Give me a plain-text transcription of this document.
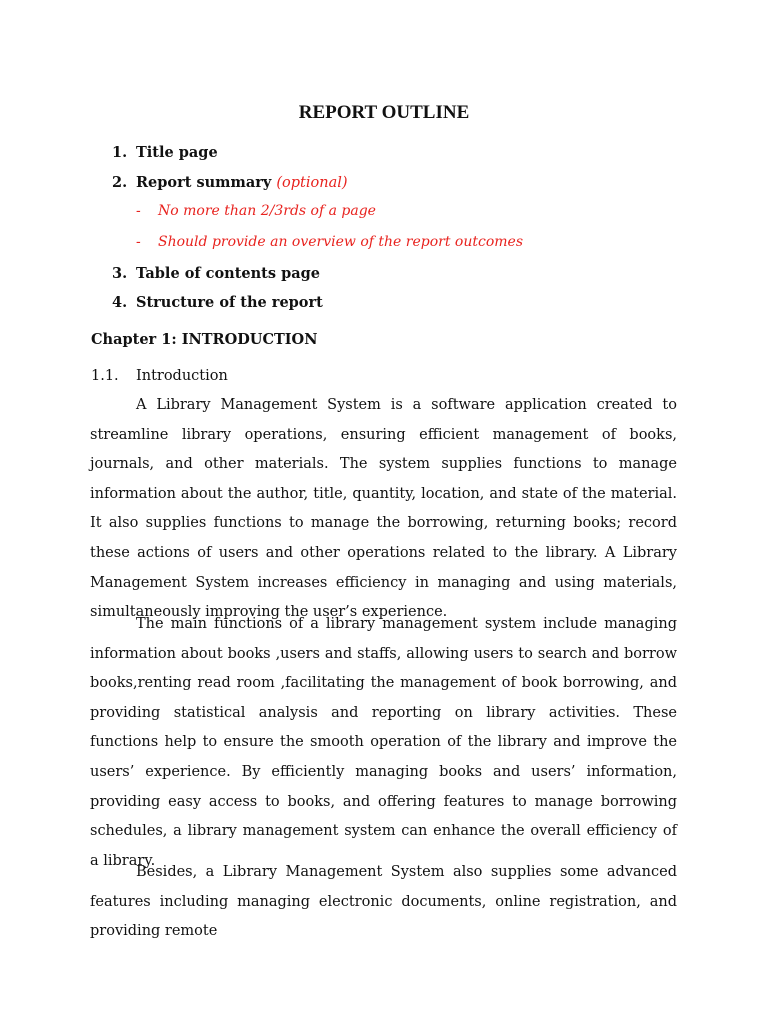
REPORT OUTLINE
1. Title page
2. Report summary (optional)
- No more than 2/3rds of a page
- Should provide an overview of the report outcomes
3. Table of contents page
4. Structure of the report
Chapter 1: INTRODUCTION
1.1. Introduction

A Library Management System is a software application created to streamline library operations, ensuring efficient management of books, journals, and other materials. The system supplies functions to manage information about the author, title, quantity, location, and state of the material. It also supplies functions to manage the borrowing, returning books; record these actions of users and other operations related to the library. A Library Management System increases efficiency in managing and using materials, simultaneously improving the user’s experience.

The main functions of a library management system include managing information about books ,users and staffs, allowing users to search and borrow books,renting read room ,facilitating the management of book borrowing, and providing statistical analysis and reporting on library activities. These functions help to ensure the smooth operation of the library and improve the users’ experience. By efficiently managing books and users’ information, providing easy access to books, and offering features to manage borrowing schedules, a library management system can enhance the overall efficiency of a library.

Besides, a Library Management System also supplies some advanced features including managing electronic documents, online registration, and providing remote
